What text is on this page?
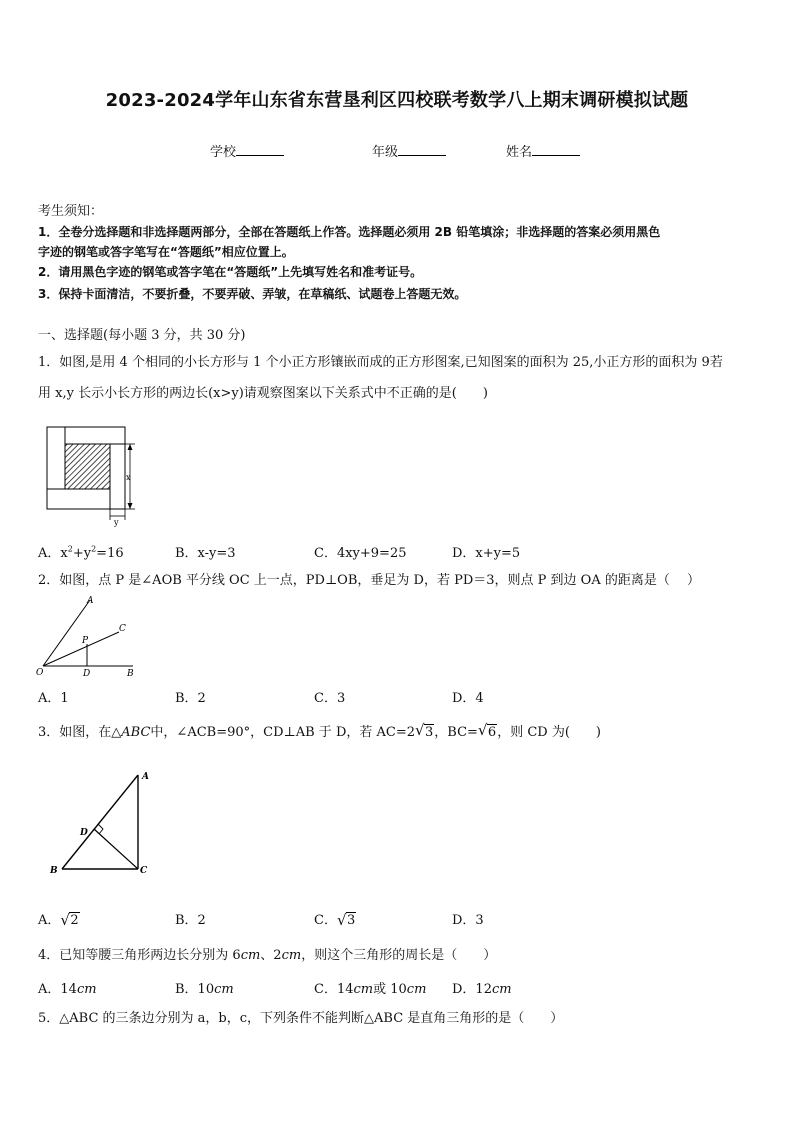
2023-2024学年山东省东营垦利区四校联考数学八上期末调研模拟试题
学校	年级	姓名
考生须知：
1．全卷分选择题和非选择题两部分，全部在答题纸上作答。选择题必须用 2B 铅笔填涂；非选择题的答案必须用黑色
字迹的钢笔或答字笔写在“答题纸”相应位置上。
2．请用黑色字迹的钢笔或答字笔在“答题纸”上先填写姓名和准考证号。
3．保持卡面清洁，不要折叠，不要弄破、弄皱，在草稿纸、试题卷上答题无效。
一、选择题(每小题 3 分，共 30 分)
1．如图,是用 4 个相同的小长方形与 1 个小正方形镶嵌而成的正方形图案,已知图案的面积为 25,小正方形的面积为 9若
用 x,y 长示小长方形的两边长(x>y)请观察图案以下关系式中不正确的是(　　)
x
y
A．$x^2+y^2=16$	B．x-y=3	C．4xy+9=25	D．x+y=5
2．如图，点 P 是∠AOB 平分线 OC 上一点，PD⊥OB，垂足为 D，若 PD＝3，则点 P 到边 OA 的距离是（　 ）
A
C
P
O	D	B
A．1	B．2	C．3	D．4
3．如图，在△ABC中，∠ACB=90°，CD⊥AB 于 D，若 AC=2 √ 3，BC= √ 6，则 CD 为(　　)
A
B	C
D
A． √ 2	B．2	C． √ 3	D．3
4．已知等腰三角形两边长分别为 6cm、2cm，则这个三角形的周长是（　　）
A．14cm	B．10cm	C．14cm或 10cm D．12cm
5．△ABC 的三条边分别为 a，b，c，下列条件不能判断△ABC 是直角三角形的是（　　）
